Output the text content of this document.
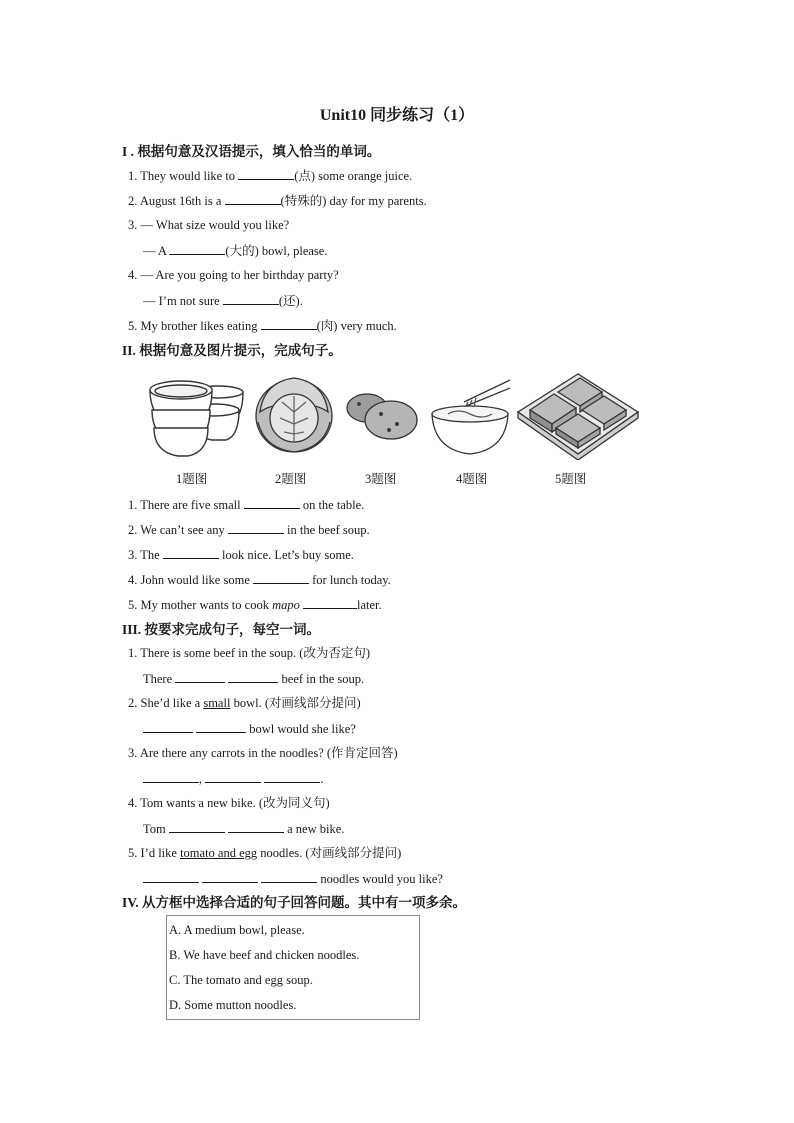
Unit10 同步练习（1）
I . 根据句意及汉语提示，填入恰当的单词。
1. They would like to	(点) some orange juice.
2. August 16th is a	(特殊的) day for my parents.
3. — What size would you like?
— A	(大的) bowl, please.
4. — Are you going to her birthday party?
— I’m not sure	(还).
5. My brother likes eating	(肉) very much.
II. 根据句意及图片提示，完成句子。
1题图	2题图	3题图	4题图	5题图
1. There are five small	on the table.
2. We can’t see any	in the beef soup.
3. The	look nice. Let’s buy some.
4. John would like some	for lunch today.
5. My mother wants to cook mapo	later.
III. 按要求完成句子，每空一词。
1. There is some beef in the soup. (改为否定句)
There	beef in the soup.
2. She’d like a small bowl. (对画线部分提问)
bowl would she like?
3. Are there any carrots in the noodles? (作肯定回答)
,	.
4. Tom wants a new bike. (改为同义句)
Tom	a new bike.
5. I’d like tomato and egg noodles. (对画线部分提问)
noodles would you like?
IV. 从方框中选择合适的句子回答问题。其中有一项多余。
A. A medium bowl, please.
B. We have beef and chicken noodles.
C. The tomato and egg soup.
D. Some mutton noodles.
